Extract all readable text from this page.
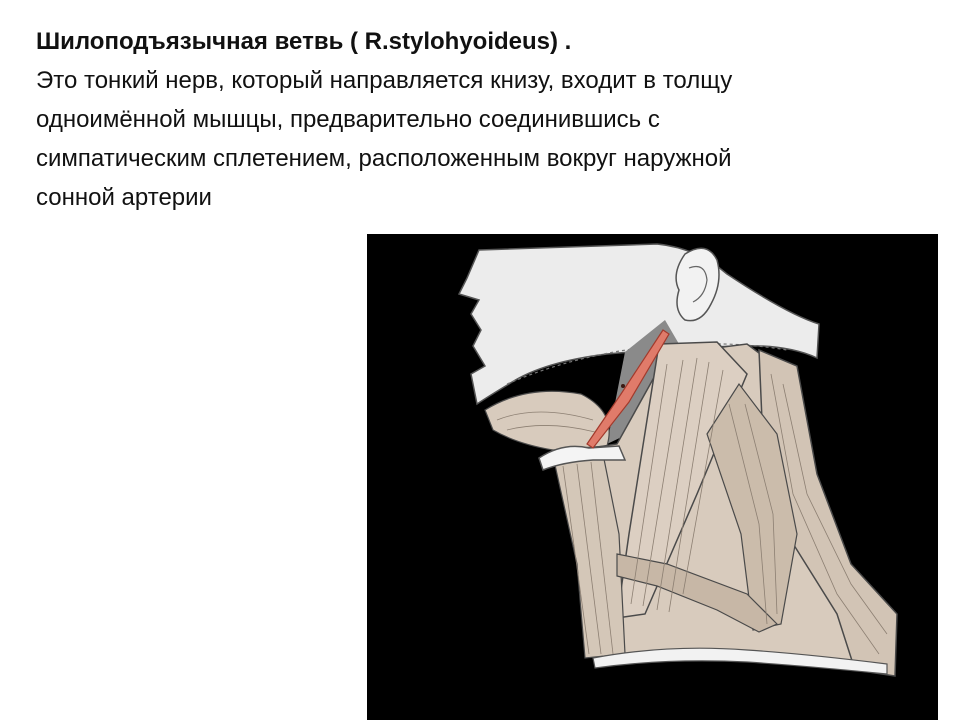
Шилоподъязычная ветвь ( R.stylohyoideus) .
Это тонкий нерв, который направляется книзу, входит в толщу
одноимённой мышцы, предварительно соединившись с
симпатическим сплетением, расположенным вокруг наружной
сонной артерии
